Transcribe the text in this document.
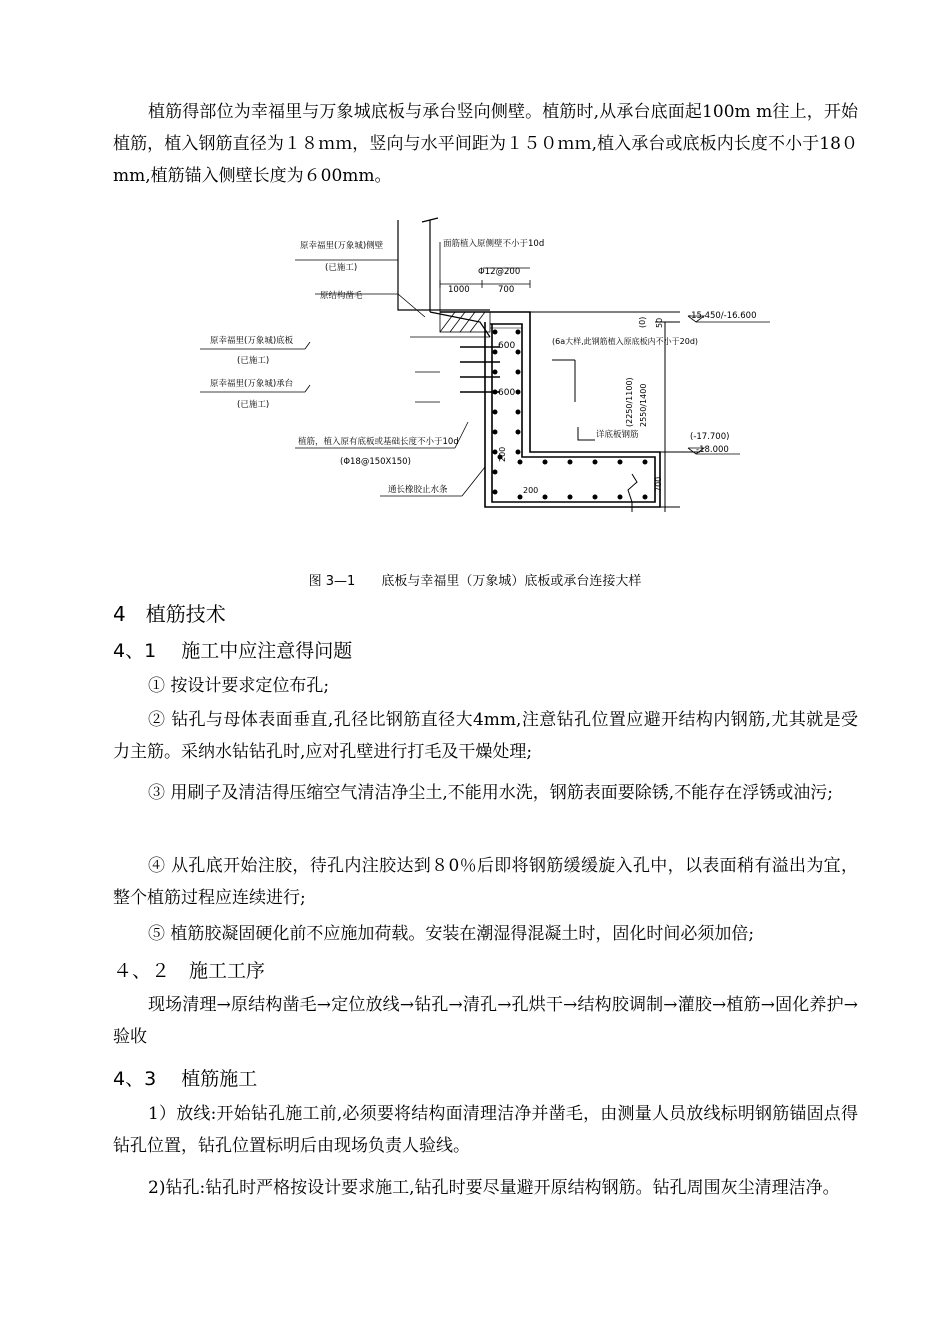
植筋得部位为幸福里与万象城底板与承台竖向侧壁。植筋时,从承台底面起100m m往上，开始植筋，植入钢筋直径为１８ｍｍ，竖向与水平间距为１５０ｍｍ,植入承台或底板内长度不小于18０mm,植筋锚入侧壁长度为６00mm。

原幸福里(万象城)侧壁
(已施工)
原结构凿毛
原幸福里(万象城)底板
(已施工)
原幸福里(万象城)承台
(已施工)
植筋，植入原有底板或基础长度不小于10d
(Φ18@150X150)
通长橡胶止水条
面筋植入原侧壁不小于10d
Φ12@200
1000	700
600
600
(0) 50
-15.450/-16.600
(6a大样,此钢筋植入原底板内不小于20d)
(2250/1100) 2550/1400
详底板钢筋	(-17.700)
-18.000
700
200
200
图 3—1　　底板与幸福里（万象城）底板或承台连接大样
4　植筋技术
4、1　 施工中应注意得问题

① 按设计要求定位布孔;

② 钻孔与母体表面垂直,孔径比钢筋直径大4mm,注意钻孔位置应避开结构内钢筋,尤其就是受力主筋。采纳水钻钻孔时,应对孔壁进行打毛及干燥处理;

③ 用刷子及清洁得压缩空气清洁净尘土,不能用水洗，钢筋表面要除锈,不能存在浮锈或油污;

④ 从孔底开始注胶，待孔内注胶达到８0％后即将钢筋缓缓旋入孔中，以表面稍有溢出为宜，整个植筋过程应连续进行;

⑤ 植筋胶凝固硬化前不应施加荷载。安装在潮湿得混凝土时，固化时间必须加倍;

４、２　施工工序

现场清理→原结构凿毛→定位放线→钻孔→清孔→孔烘干→结构胶调制→灌胶→植筋→固化养护→验收

4、3　 植筋施工

1）放线:开始钻孔施工前,必须要将结构面清理洁净并凿毛，由测量人员放线标明钢筋锚固点得钻孔位置，钻孔位置标明后由现场负责人验线。

2)钻孔:钻孔时严格按设计要求施工,钻孔时要尽量避开原结构钢筋。钻孔周围灰尘清理洁净。
